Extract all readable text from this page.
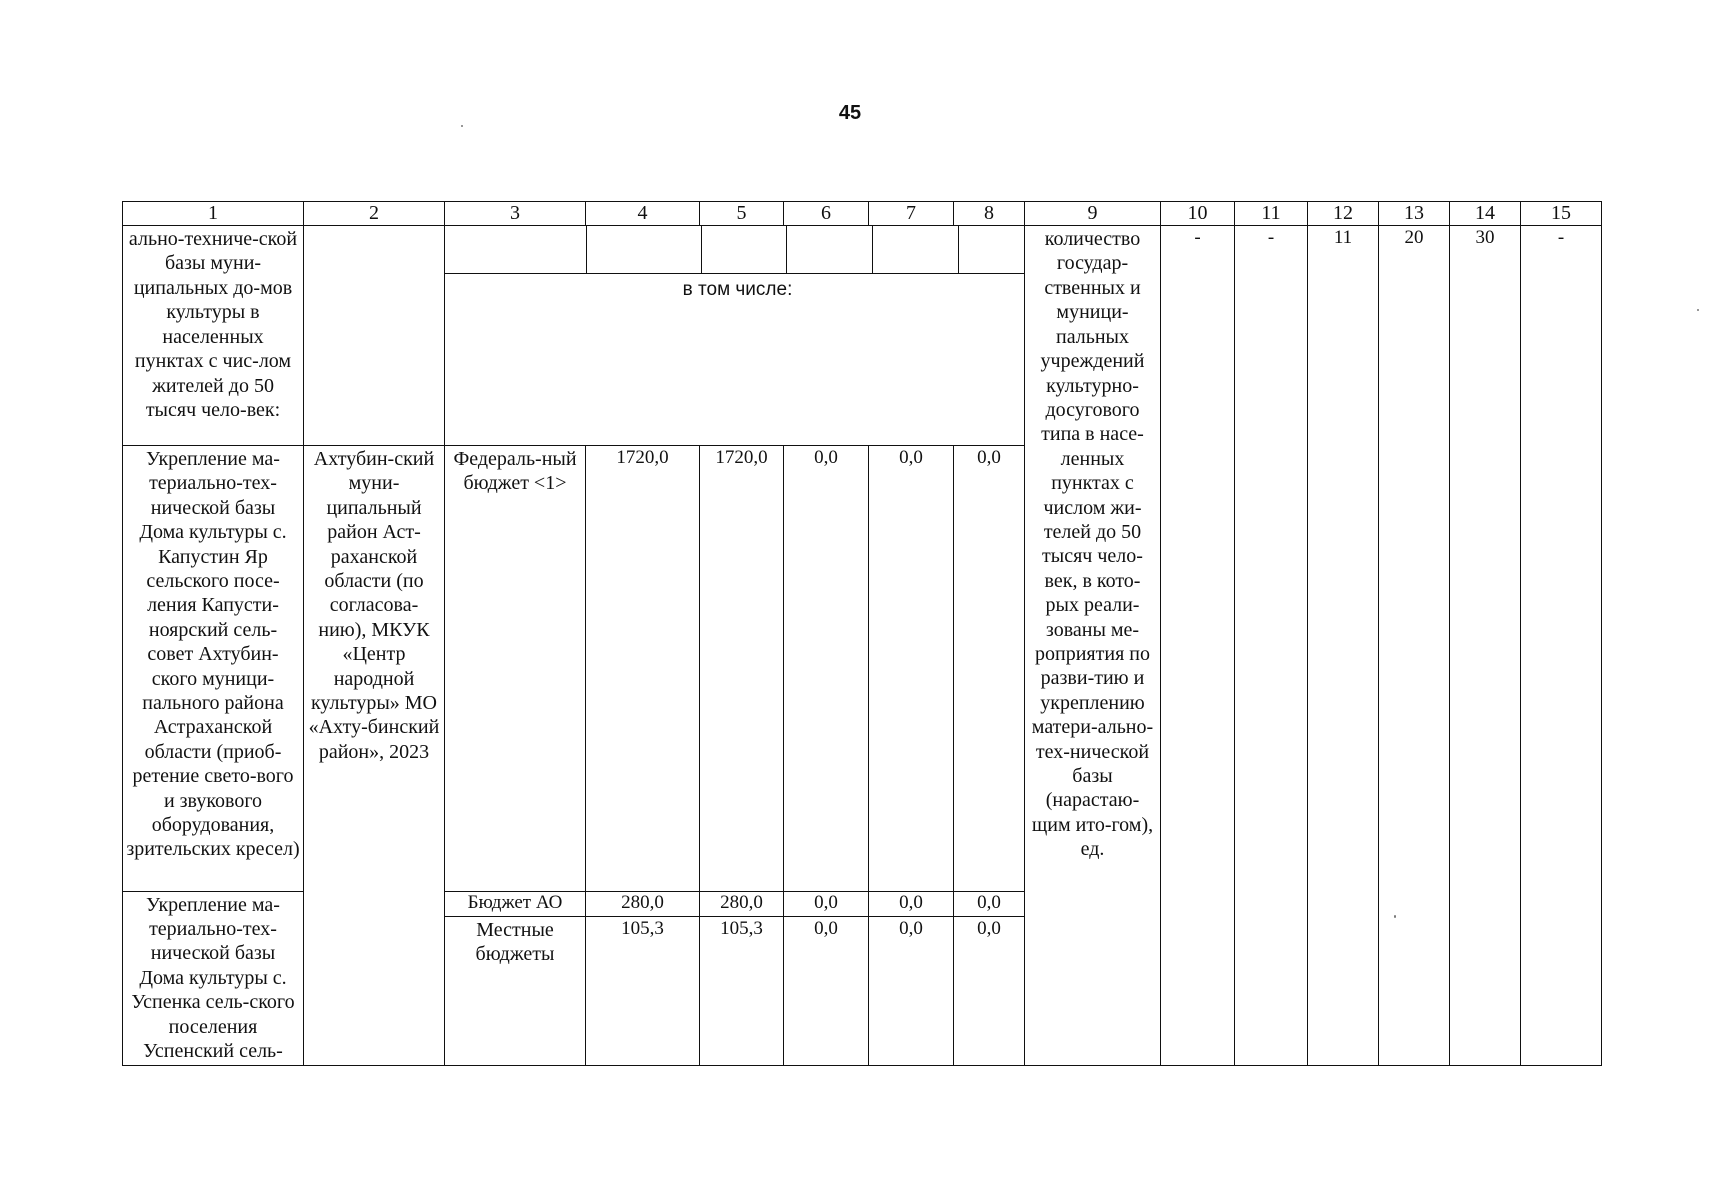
45
1	2	3	4	5	6	7	8	9	10	11	12	13	14	15
ально-техниче-ской базы муни-ципальных до-мов культуры в населенных пунктах с чис-лом жителей до 50 тысяч чело-век:		в том числе:						количество государ-ственных и муници-пальных учреждений культурно-досугового типа в насе-ленных пунктах с числом жи-телей до 50 тысяч чело-век, в кото-рых реали-зованы ме-роприятия по разви-тию и укреплению матери-ально-тех-нической базы (нарастаю-щим ито-гом), ед.	-	-	11	20	30	-
Укрепление ма-териально-тех-нической базы Дома культуры с. Капустин Яр сельского посе-ления Капусти-ноярский сель-совет Ахтубин-ского муници-пального района Астраханской области (приоб-ретение свето-вого и звукового оборудования, зрительских кресел)	Ахтубин-ский муни-ципальный район Аст-раханской области (по согласова-нию), МКУК «Центр народной культуры» МО «Ахту-бинский район», 2023	Федераль-ный бюджет <1>	1720,0	1720,0	0,0	0,0	0,0							
Укрепление ма-териально-тех-нической базы Дома культуры с. Успенка сель-ского поселения Успенский сель-		Бюджет АО	280,0	280,0	0,0	0,0	0,0							
		Местные бюджеты	105,3	105,3	0,0	0,0	0,0							
